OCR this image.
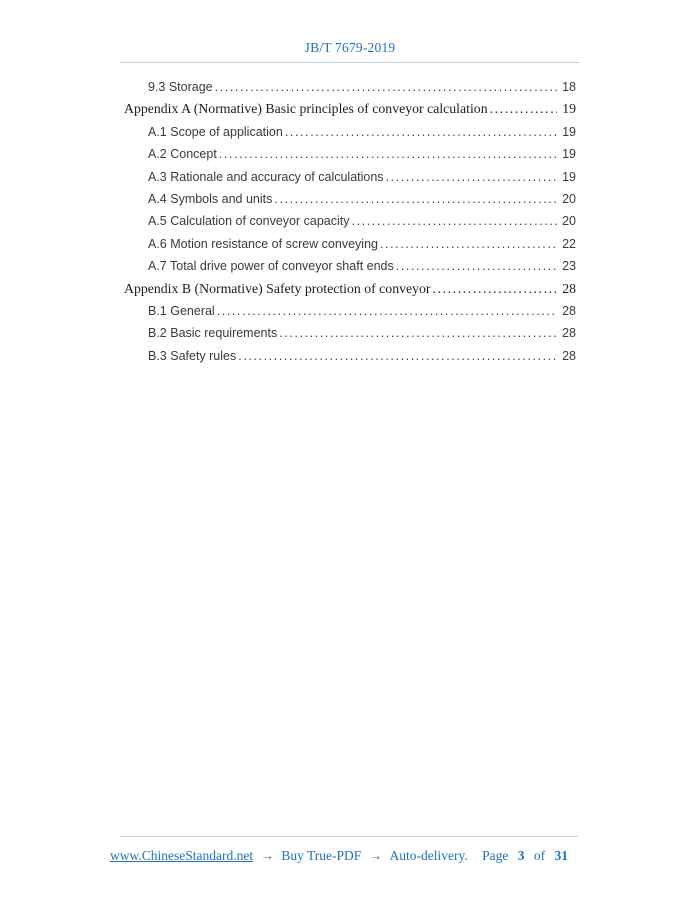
JB/T 7679-2019
9.3 Storage .....	18
Appendix A (Normative) Basic principles of conveyor calculation .....	19
A.1 Scope of application .....	19
A.2 Concept .....	19
A.3 Rationale and accuracy of calculations .....	19
A.4 Symbols and units .....	20
A.5 Calculation of conveyor capacity .....	20
A.6 Motion resistance of screw conveying .....	22
A.7 Total drive power of conveyor shaft ends .....	23
Appendix B (Normative) Safety protection of conveyor .....	28
B.1 General .....	28
B.2 Basic requirements .....	28
B.3 Safety rules .....	28
www.ChineseStandard.net → Buy True-PDF → Auto-delivery.	Page 3 of 31
